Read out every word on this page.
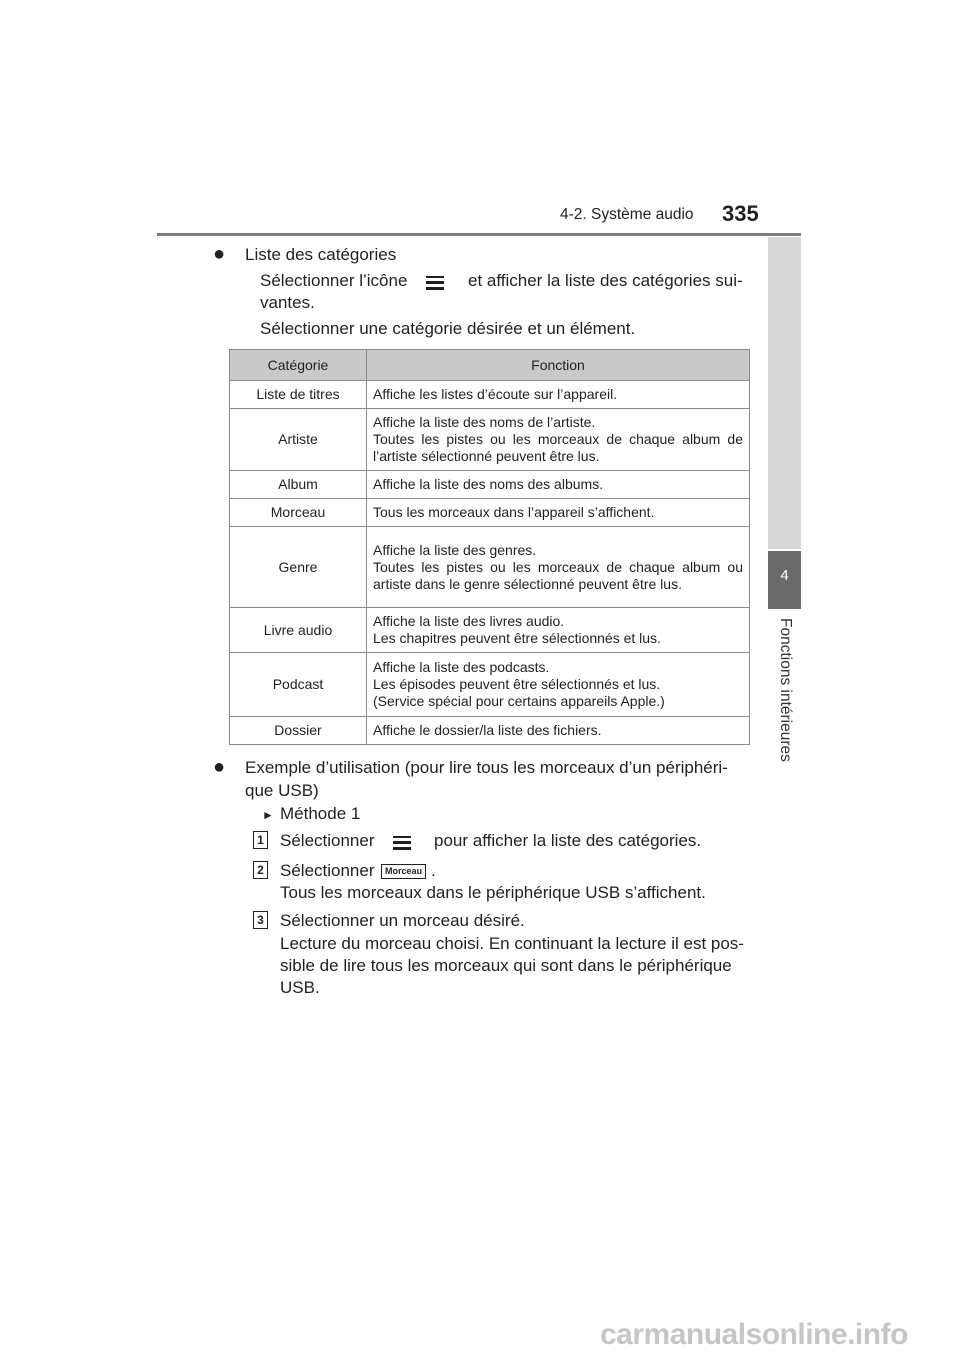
4-2. Système audio 335
4
Fonctions intérieures
● Liste des catégories
Sélectionner l’icône	et afficher la liste des catégories sui-
vantes.
Sélectionner une catégorie désirée et un élément.
Catégorie	Fonction
Liste de titres	Affiche les listes d’écoute sur l’appareil.

Artiste	Affiche la liste des noms de l’artiste.
Toutes les pistes ou les morceaux de chaque album de l’artiste sélectionné peuvent être lus.

Album	Affiche la liste des noms des albums.

Morceau	Tous les morceaux dans l’appareil s’affichent.

Genre	Affiche la liste des genres.
Toutes les pistes ou les morceaux de chaque album ou artiste dans le genre sélectionné peuvent être lus.

Livre audio	Affiche la liste des livres audio.
Les chapitres peuvent être sélectionnés et lus.

Podcast	Affiche la liste des podcasts.
Les épisodes peuvent être sélectionnés et lus.
(Service spécial pour certains appareils Apple.)

Dossier	Affiche le dossier/la liste des fichiers.
● Exemple d’utilisation (pour lire tous les morceaux d’un périphéri-
que USB)
► Méthode 1
1 Sélectionner	pour afficher la liste des catégories.
2 Sélectionner	Morceau .
Tous les morceaux dans le périphérique USB s’affichent.
3 Sélectionner un morceau désiré.
Lecture du morceau choisi. En continuant la lecture il est pos-
sible de lire tous les morceaux qui sont dans le périphérique
USB.
carmanualsonline.info
